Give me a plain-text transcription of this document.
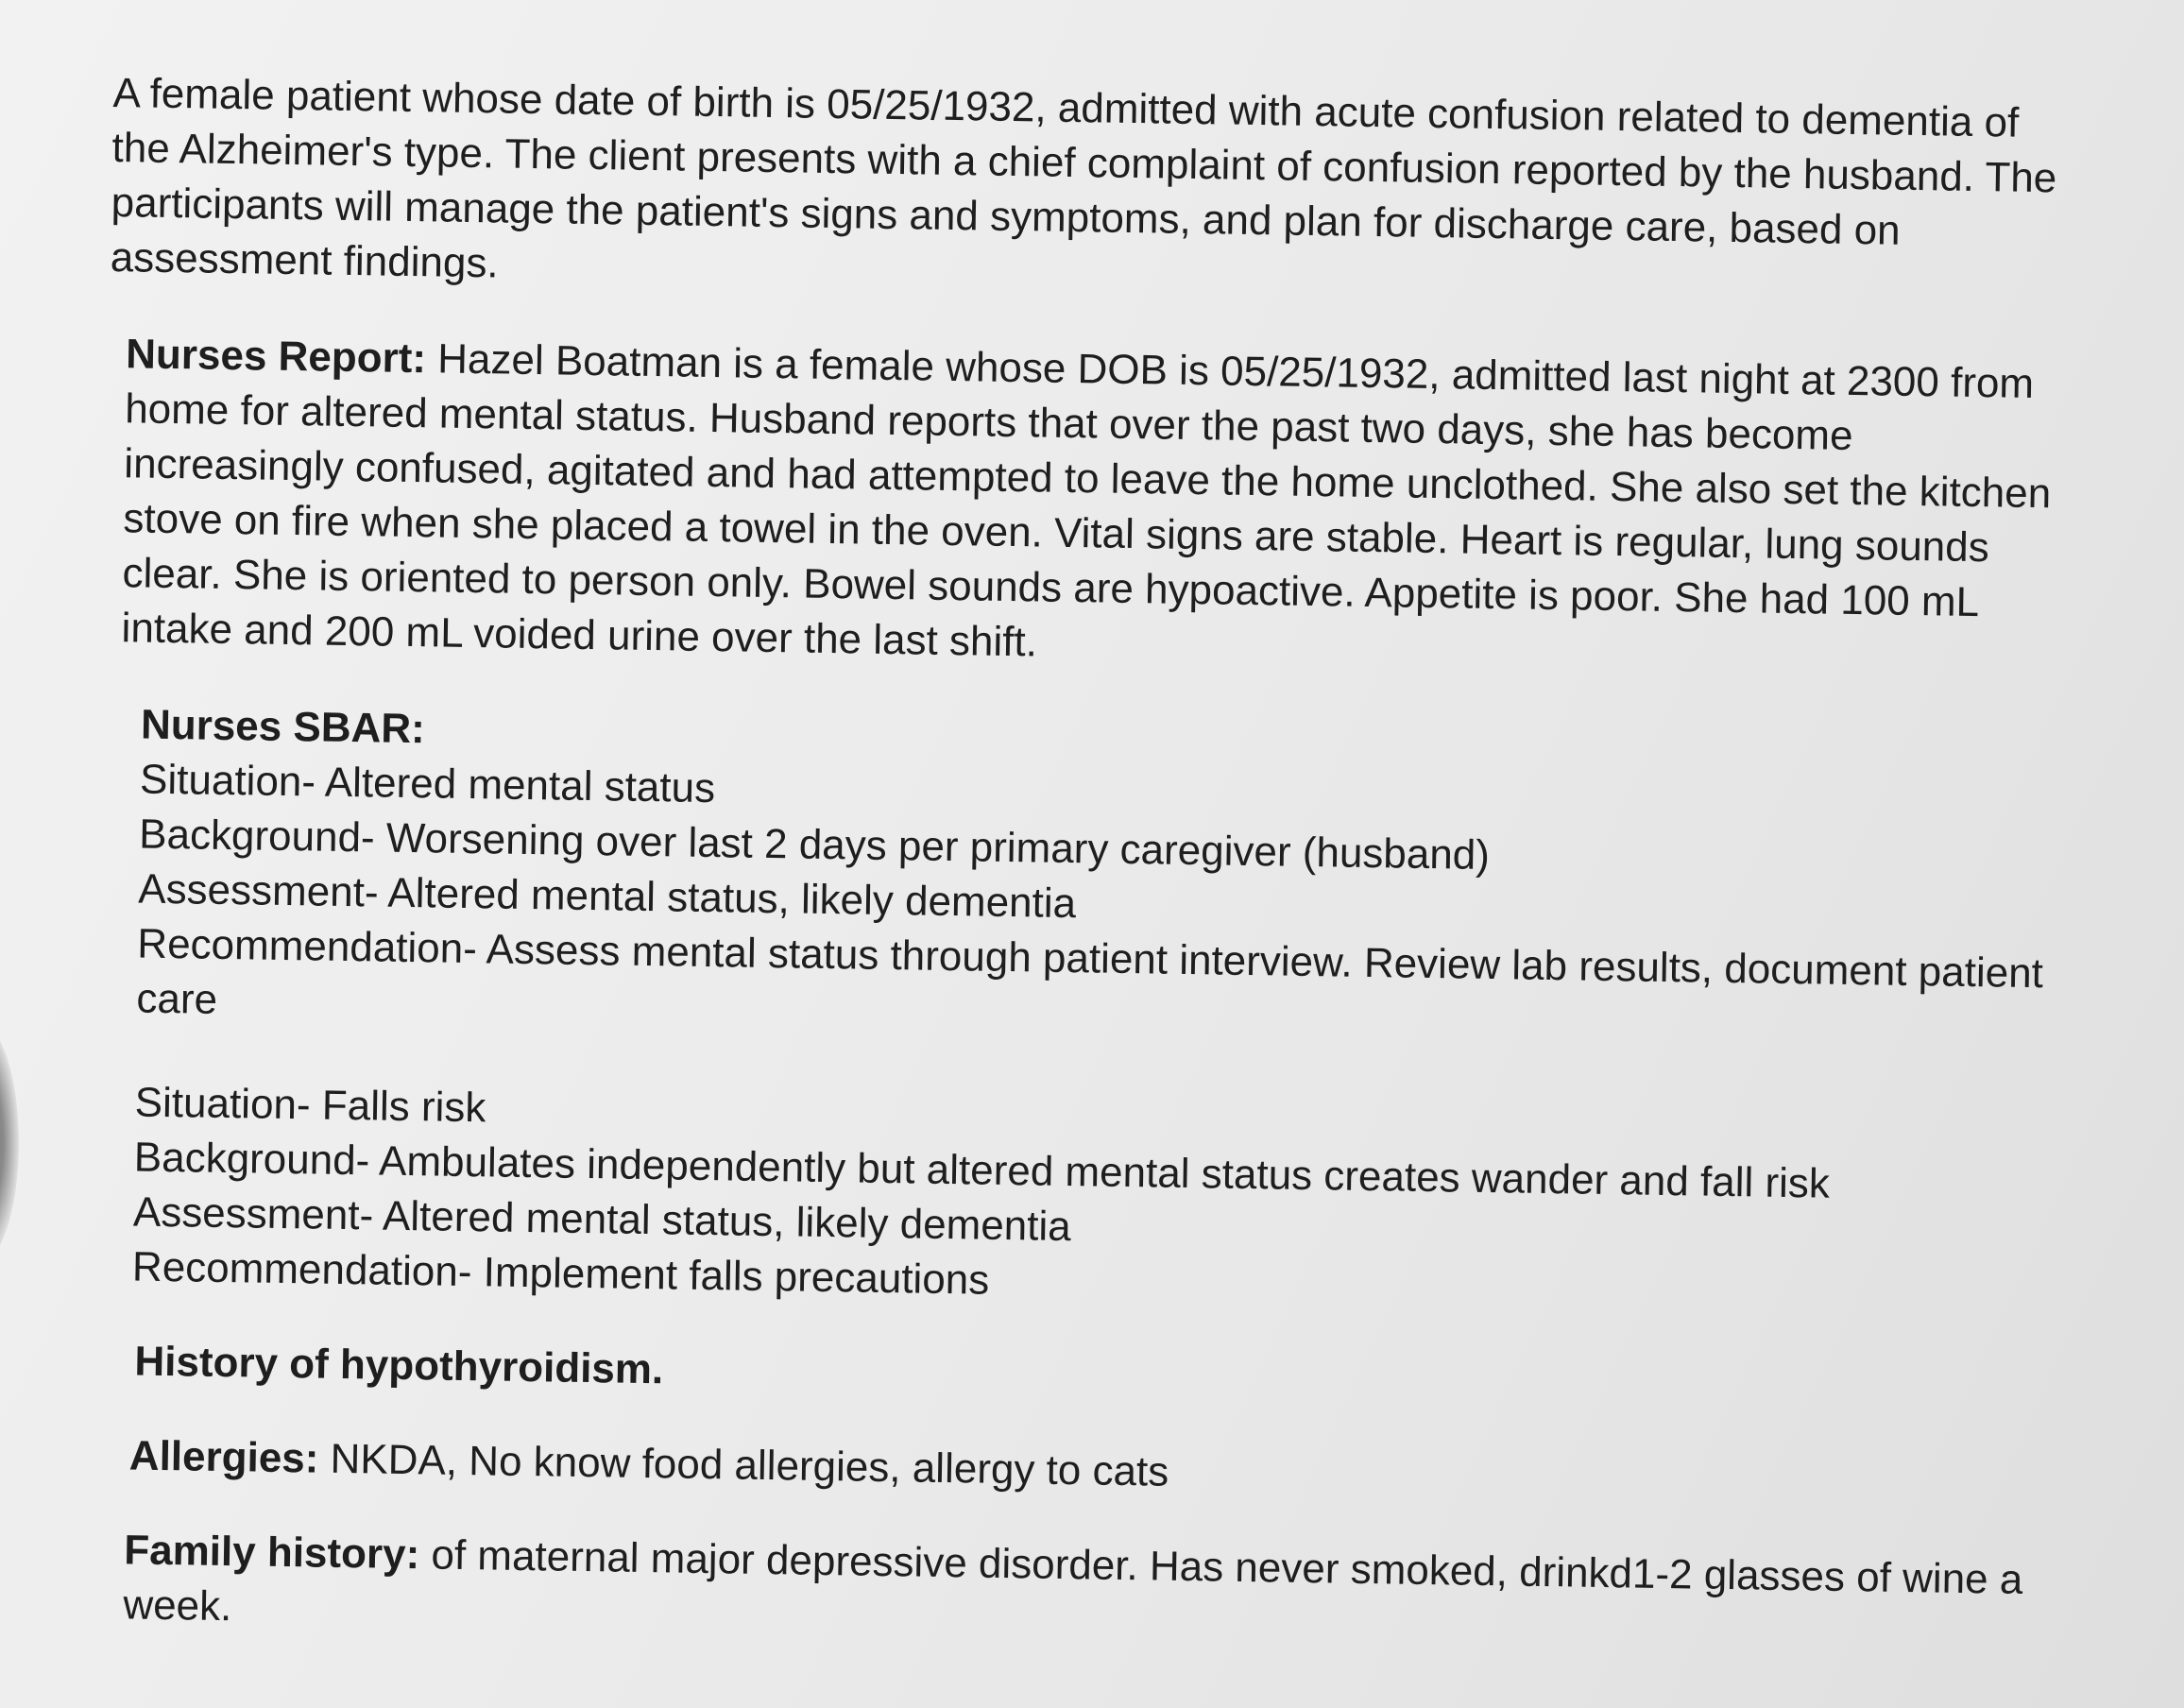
A female patient whose date of birth is 05/25/1932, admitted with acute confusion related to dementia of the Alzheimer's type. The client presents with a chief complaint of confusion reported by the husband. The participants will manage the patient's signs and symptoms, and plan for discharge care, based on assessment findings.

Nurses Report: Hazel Boatman is a female whose DOB is 05/25/1932, admitted last night at 2300 from home for altered mental status. Husband reports that over the past two days, she has become increasingly confused, agitated and had attempted to leave the home unclothed. She also set the kitchen stove on fire when she placed a towel in the oven. Vital signs are stable. Heart is regular, lung sounds clear. She is oriented to person only. Bowel sounds are hypoactive. Appetite is poor. She had 100 mL intake and 200 mL voided urine over the last shift.

Nurses SBAR:
Situation- Altered mental status
Background- Worsening over last 2 days per primary caregiver (husband)
Assessment- Altered mental status, likely dementia
Recommendation- Assess mental status through patient interview. Review lab results, document patient care
Situation- Falls risk
Background- Ambulates independently but altered mental status creates wander and fall risk
Assessment- Altered mental status, likely dementia
Recommendation- Implement falls precautions

History of hypothyroidism.

Allergies: NKDA, No know food allergies, allergy to cats

Family history: of maternal major depressive disorder. Has never smoked, drinkd1-2 glasses of wine a week.
